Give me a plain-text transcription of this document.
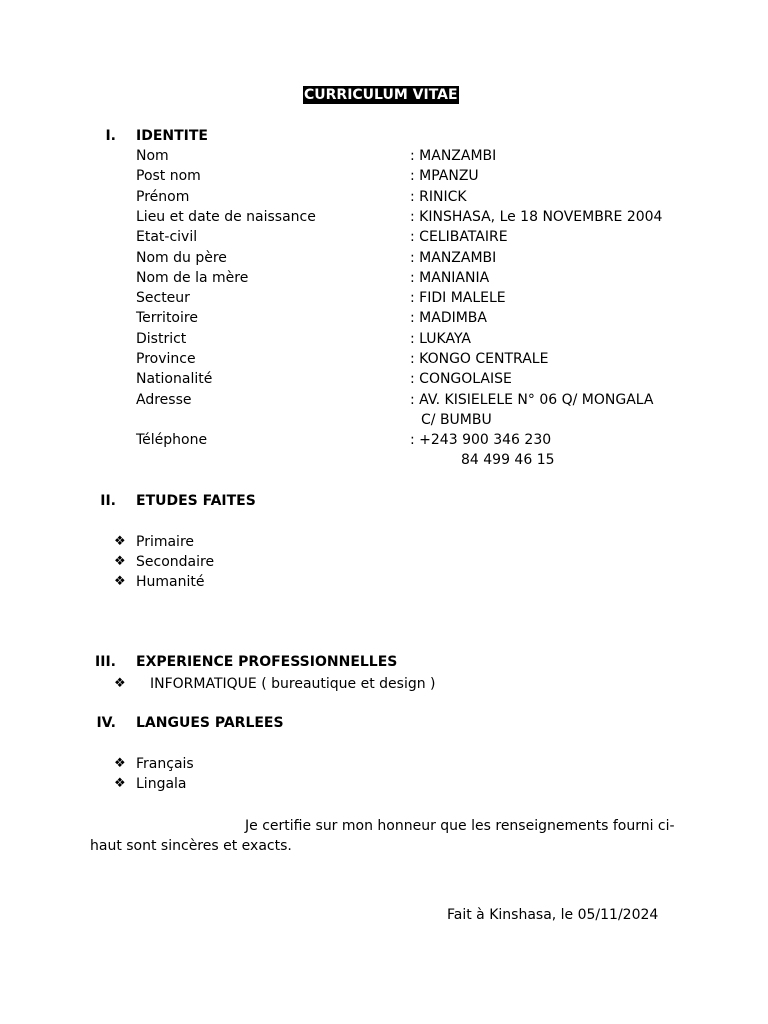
CURRICULUM VITAE
I. IDENTITE
Nom	: MANZAMBI
Post nom	: MPANZU
Prénom	: RINICK
Lieu et date de naissance	: KINSHASA, Le 18 NOVEMBRE 2004
Etat-civil	: CELIBATAIRE
Nom du père	: MANZAMBI
Nom de la mère	: MANIANIA
Secteur	: FIDI MALELE
Territoire	: MADIMBA
District	: LUKAYA
Province	: KONGO CENTRALE
Nationalité	: CONGOLAISE
Adresse	: AV. KISIELELE N° 06 Q/ MONGALA
C/ BUMBU
Téléphone	: +243 900 346 230
84 499 46 15
II. ETUDES FAITES
❖ Primaire
❖ Secondaire
❖ Humanité
III. EXPERIENCE PROFESSIONNELLES
❖ INFORMATIQUE ( bureautique et design )
IV. LANGUES PARLEES
❖ Français
❖ Lingala
Je certifie sur mon honneur que les renseignements fourni ci-
haut sont sincères et exacts.
Fait à Kinshasa, le 05/11/2024
